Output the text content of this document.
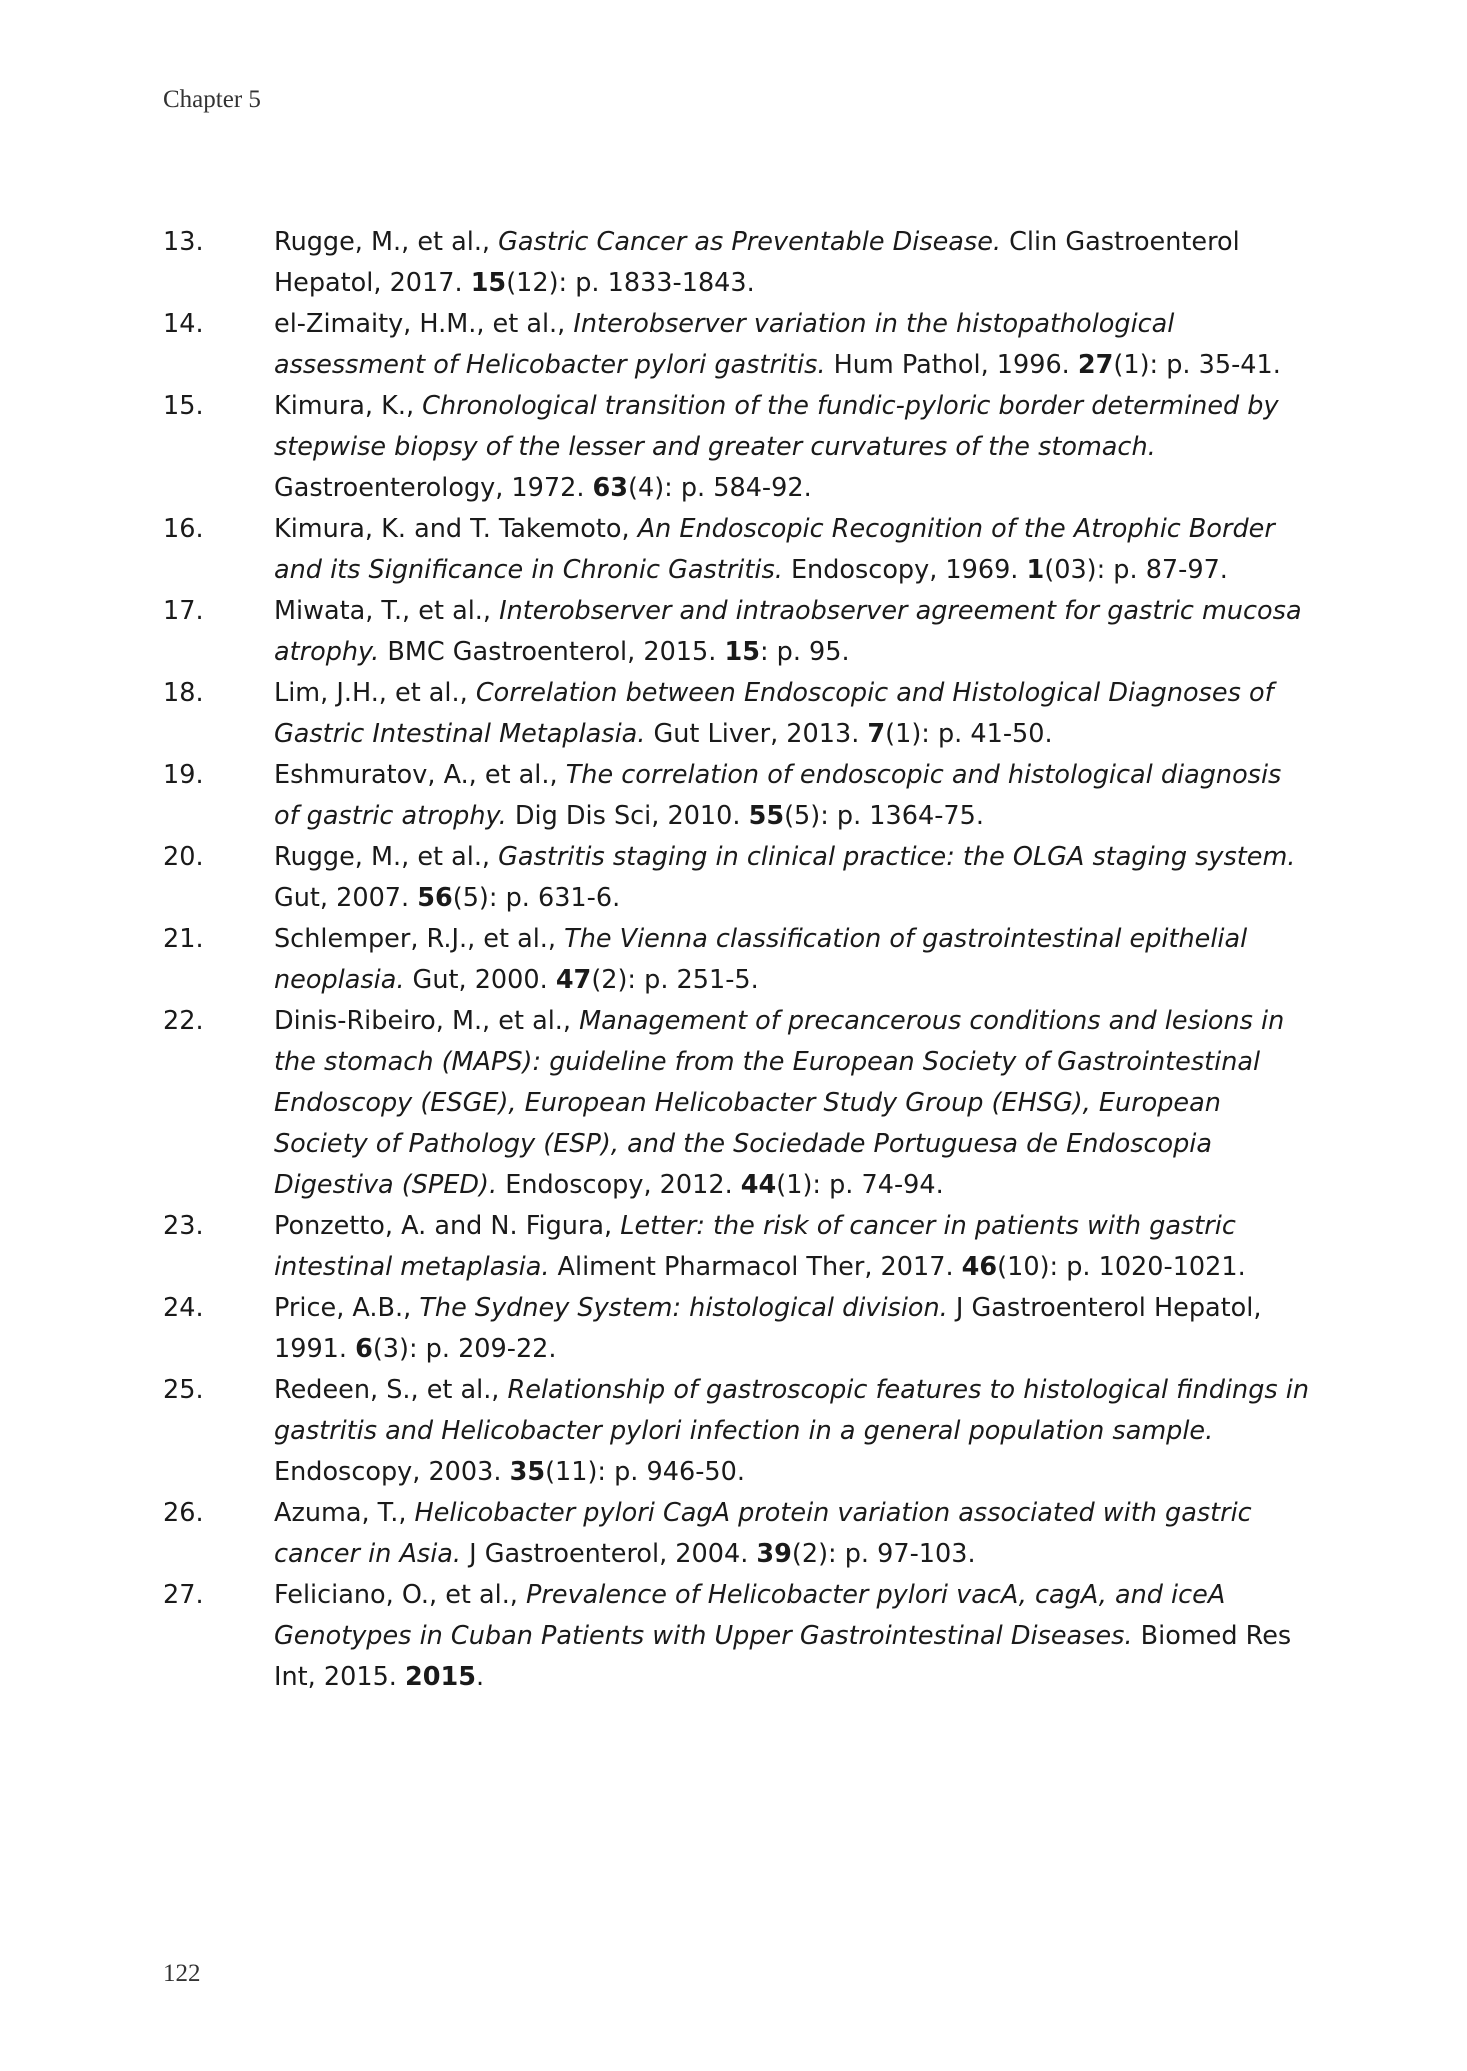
Chapter 5
13.	Rugge, M., et al., Gastric Cancer as Preventable Disease. Clin Gastroenterol Hepatol, 2017. 15(12): p. 1833-1843.
14.	el-Zimaity, H.M., et al., Interobserver variation in the histopathological assessment of Helicobacter pylori gastritis. Hum Pathol, 1996. 27(1): p. 35-41.
15.	Kimura, K., Chronological transition of the fundic-pyloric border determined by stepwise biopsy of the lesser and greater curvatures of the stomach. Gastroenterology, 1972. 63(4): p. 584-92.
16.	Kimura, K. and T. Takemoto, An Endoscopic Recognition of the Atrophic Border and its Significance in Chronic Gastritis. Endoscopy, 1969. 1(03): p. 87-97.
17.	Miwata, T., et al., Interobserver and intraobserver agreement for gastric mucosa atrophy. BMC Gastroenterol, 2015. 15: p. 95.
18.	Lim, J.H., et al., Correlation between Endoscopic and Histological Diagnoses of Gastric Intestinal Metaplasia. Gut Liver, 2013. 7(1): p. 41-50.
19.	Eshmuratov, A., et al., The correlation of endoscopic and histological diagnosis of gastric atrophy. Dig Dis Sci, 2010. 55(5): p. 1364-75.
20.	Rugge, M., et al., Gastritis staging in clinical practice: the OLGA staging system. Gut, 2007. 56(5): p. 631-6.
21.	Schlemper, R.J., et al., The Vienna classification of gastrointestinal epithelial neoplasia. Gut, 2000. 47(2): p. 251-5.
22.	Dinis-Ribeiro, M., et al., Management of precancerous conditions and lesions in the stomach (MAPS): guideline from the European Society of Gastrointestinal Endoscopy (ESGE), European Helicobacter Study Group (EHSG), European Society of Pathology (ESP), and the Sociedade Portuguesa de Endoscopia Digestiva (SPED). Endoscopy, 2012. 44(1): p. 74-94.
23.	Ponzetto, A. and N. Figura, Letter: the risk of cancer in patients with gastric intestinal metaplasia. Aliment Pharmacol Ther, 2017. 46(10): p. 1020-1021.
24.	Price, A.B., The Sydney System: histological division. J Gastroenterol Hepatol, 1991. 6(3): p. 209-22.
25.	Redeen, S., et al., Relationship of gastroscopic features to histological findings in gastritis and Helicobacter pylori infection in a general population sample. Endoscopy, 2003. 35(11): p. 946-50.
26.	Azuma, T., Helicobacter pylori CagA protein variation associated with gastric cancer in Asia. J Gastroenterol, 2004. 39(2): p. 97-103.
27.	Feliciano, O., et al., Prevalence of Helicobacter pylori vacA, cagA, and iceA Genotypes in Cuban Patients with Upper Gastrointestinal Diseases. Biomed Res Int, 2015. 2015.
122
